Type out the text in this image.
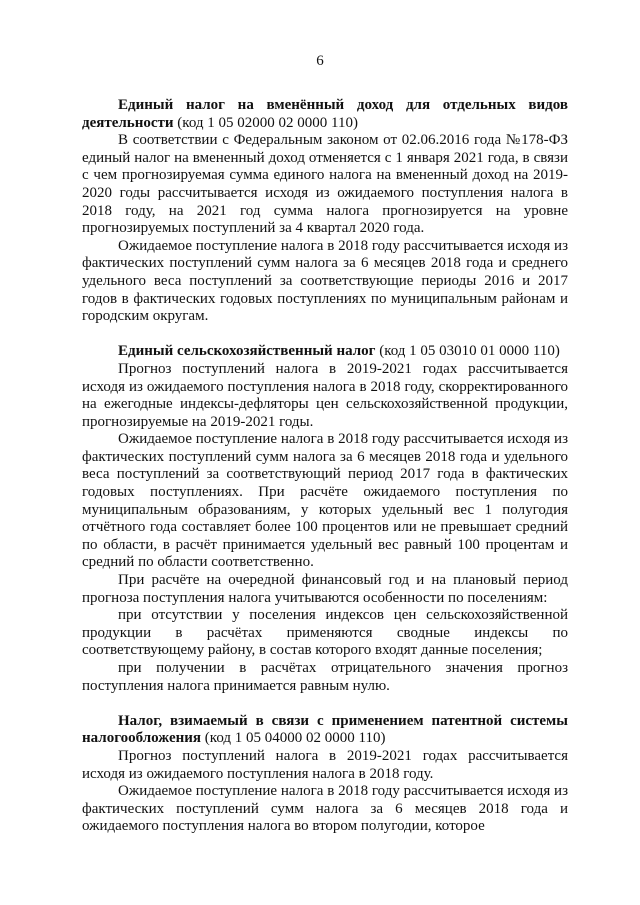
6

Единый налог на вменённый доход для отдельных видов деятельности (код 1 05 02000 02 0000 110)

В соответствии с Федеральным законом от 02.06.2016 года №178-ФЗ единый налог на вмененный доход отменяется с 1 января 2021 года, в связи с чем прогнозируемая сумма единого налога на вмененный доход на 2019-2020 годы рассчитывается исходя из ожидаемого поступления налога в 2018 году, на 2021 год сумма налога прогнозируется на уровне прогнозируемых поступлений за 4 квартал 2020 года.

Ожидаемое поступление налога в 2018 году рассчитывается исходя из фактических поступлений сумм налога за 6 месяцев 2018 года и среднего удельного веса поступлений за соответствующие периоды 2016 и 2017 годов в фактических годовых поступлениях по муниципальным районам и городским округам.

Единый сельскохозяйственный налог (код 1 05 03010 01 0000 110)

Прогноз поступлений налога в 2019-2021 годах рассчитывается исходя из ожидаемого поступления налога в 2018 году, скорректированного на ежегодные индексы-дефляторы цен сельскохозяйственной продукции, прогнозируемые на 2019-2021 годы.

Ожидаемое поступление налога в 2018 году рассчитывается исходя из фактических поступлений сумм налога за 6 месяцев 2018 года и удельного веса поступлений за соответствующий период 2017 года в фактических годовых поступлениях. При расчёте ожидаемого поступления по муниципальным образованиям, у которых удельный вес 1 полугодия отчётного года составляет более 100 процентов или не превышает средний по области, в расчёт принимается удельный вес равный 100 процентам и средний по области соответственно.

При расчёте на очередной финансовый год и на плановый период прогноза поступления налога учитываются особенности по поселениям:

при отсутствии у поселения индексов цен сельскохозяйственной продукции в расчётах применяются сводные индексы по соответствующему району, в состав которого входят данные поселения;

при получении в расчётах отрицательного значения прогноз поступления налога принимается равным нулю.

Налог, взимаемый в связи с применением патентной системы налогообложения (код 1 05 04000 02 0000 110)

Прогноз поступлений налога в 2019-2021 годах рассчитывается исходя из ожидаемого поступления налога в 2018 году.

Ожидаемое поступление налога в 2018 году рассчитывается исходя из фактических поступлений сумм налога за 6 месяцев 2018 года и ожидаемого поступления налога во втором полугодии, которое
